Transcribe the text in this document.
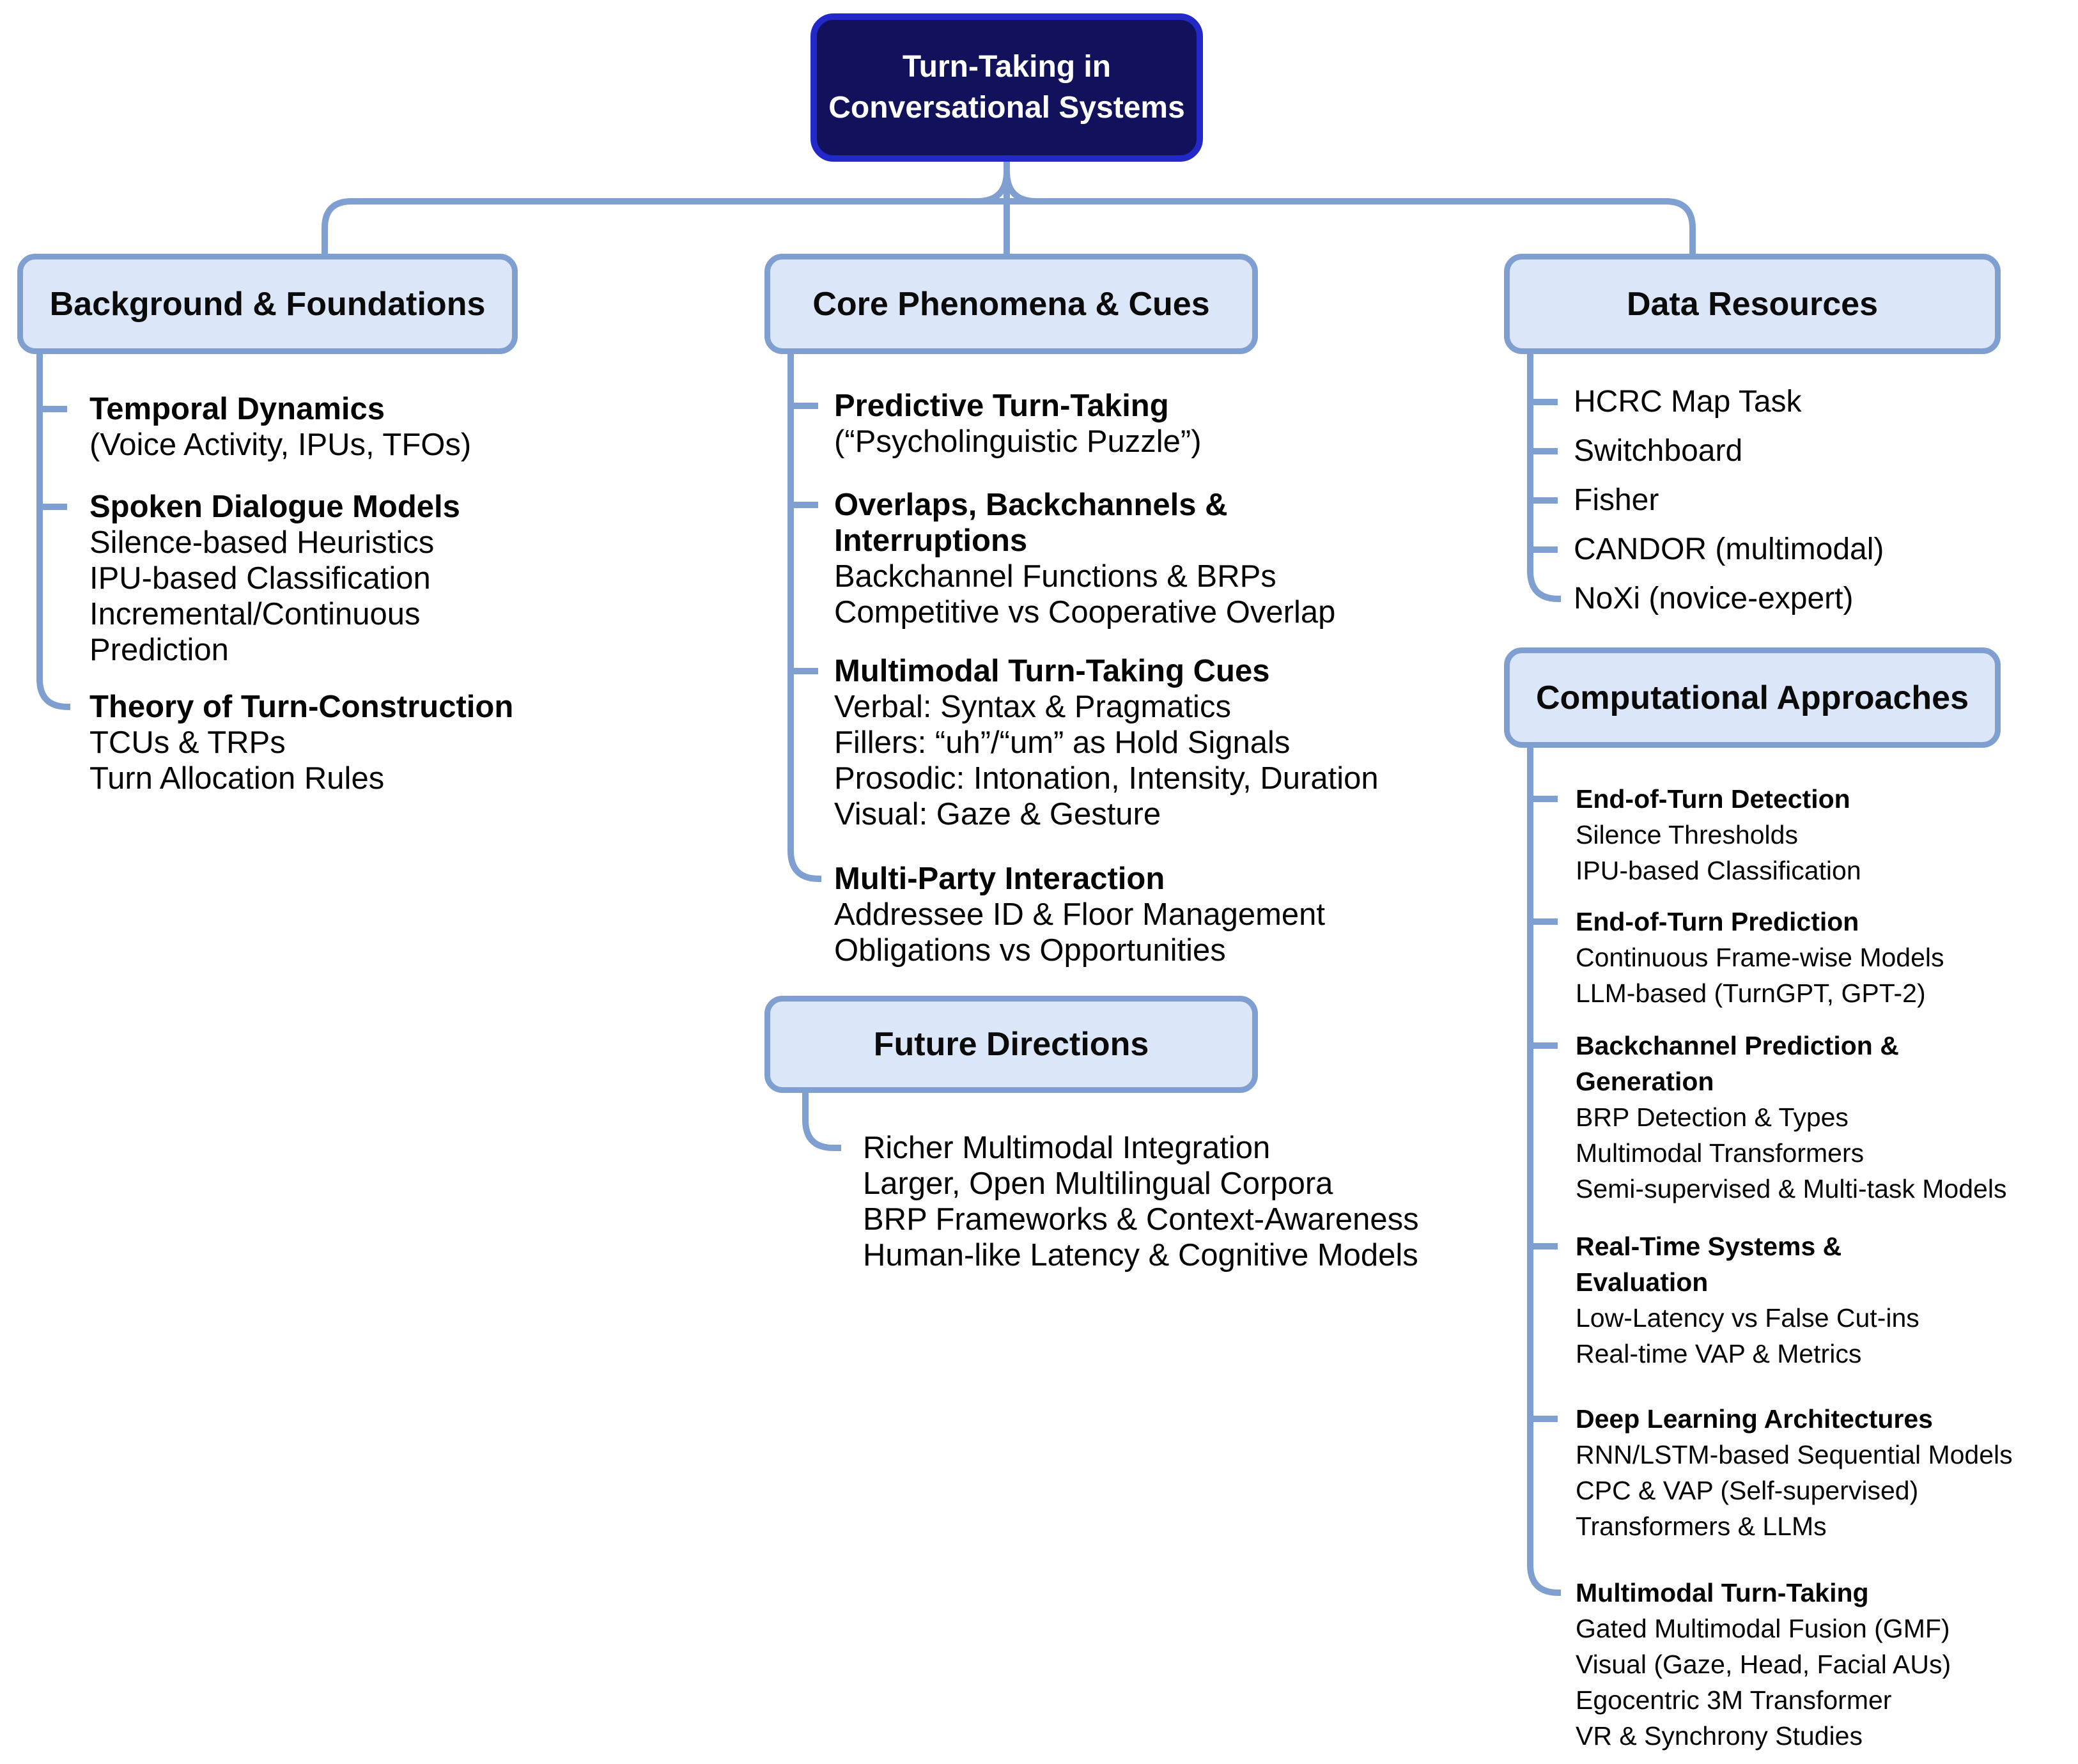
Turn-Taking in
Conversational Systems
Background & Foundations	Core Phenomena & Cues	Data Resources
Computational Approaches
Future Directions
Temporal Dynamics
(Voice Activity, IPUs, TFOs)
Spoken Dialogue Models
Silence-based Heuristics
IPU-based Classification
Incremental/Continuous
Prediction
Theory of Turn-Construction
TCUs & TRPs
Turn Allocation Rules
Predictive Turn-Taking
(“Psycholinguistic Puzzle”)
Overlaps, Backchannels &
Interruptions
Backchannel Functions & BRPs
Competitive vs Cooperative Overlap
Multimodal Turn-Taking Cues
Verbal: Syntax & Pragmatics
Fillers: “uh”/“um” as Hold Signals
Prosodic: Intonation, Intensity, Duration
Visual: Gaze & Gesture
Multi-Party Interaction
Addressee ID & Floor Management
Obligations vs Opportunities
Richer Multimodal Integration
Larger, Open Multilingual Corpora
BRP Frameworks & Context-Awareness
Human-like Latency & Cognitive Models
HCRC Map Task
Switchboard
Fisher
CANDOR (multimodal)
NoXi (novice-expert)
End-of-Turn Detection
Silence Thresholds
IPU-based Classification
End-of-Turn Prediction
Continuous Frame-wise Models
LLM-based (TurnGPT, GPT-2)
Backchannel Prediction &
Generation
BRP Detection & Types
Multimodal Transformers
Semi-supervised & Multi-task Models
Real-Time Systems &
Evaluation
Low-Latency vs False Cut-ins
Real-time VAP & Metrics
Deep Learning Architectures
RNN/LSTM-based Sequential Models
CPC & VAP (Self-supervised)
Transformers & LLMs
Multimodal Turn-Taking
Gated Multimodal Fusion (GMF)
Visual (Gaze, Head, Facial AUs)
Egocentric 3M Transformer
VR & Synchrony Studies
